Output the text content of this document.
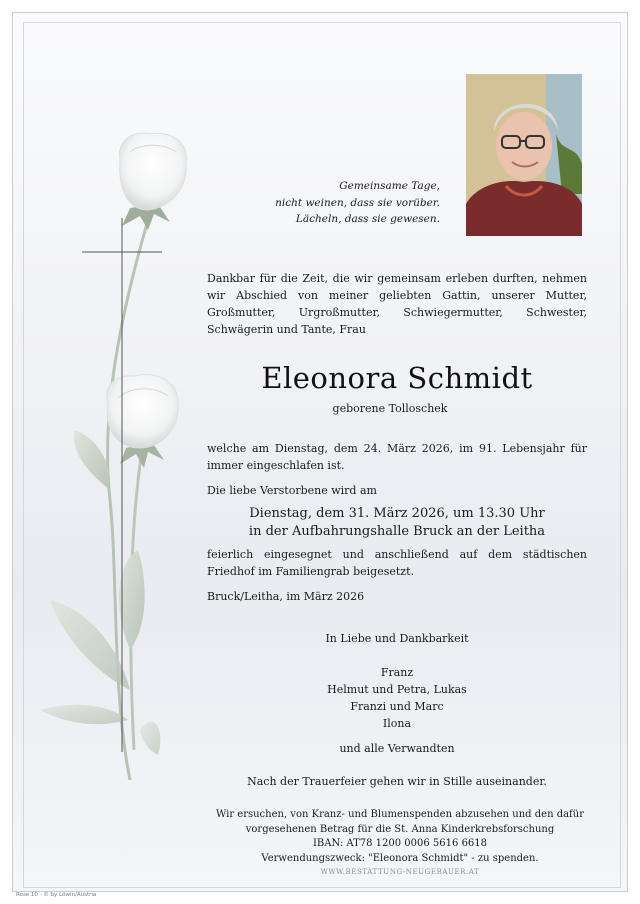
Gemeinsame Tage,
nicht weinen, dass sie vorüber.
Lächeln, dass sie gewesen.
Dankbar für die Zeit, die wir gemeinsam erleben durften, nehmen wir Abschied von meiner geliebten Gattin, unserer Mutter, Großmutter, Urgroßmutter, Schwiegermutter, Schwester, Schwägerin und Tante, Frau
Eleonora Schmidt
geborene Tolloschek
welche am Dienstag, dem 24. März 2026, im 91. Lebensjahr für immer eingeschlafen ist.
Die liebe Verstorbene wird am
Dienstag, dem 31. März 2026, um 13.30 Uhr
in der Aufbahrungshalle Bruck an der Leitha
feierlich eingesegnet und anschließend auf dem städtischen Friedhof im Familiengrab beigesetzt.
Bruck/Leitha, im März 2026
In Liebe und Dankbarkeit
Franz
Helmut und Petra, Lukas
Franzi und Marc
Ilona
und alle Verwandten
Nach der Trauerfeier gehen wir in Stille auseinander.
Wir ersuchen, von Kranz- und Blumenspenden abzusehen und den dafür
vorgesehenen Betrag für die St. Anna Kinderkrebsforschung
IBAN: AT78 1200 0006 5616 6618
Verwendungszweck: "Eleonora Schmidt" - zu spenden.
WWW.BESTATTUNG-NEUGEBAUER.AT
Rose 10 - © by Löwin/Austria
